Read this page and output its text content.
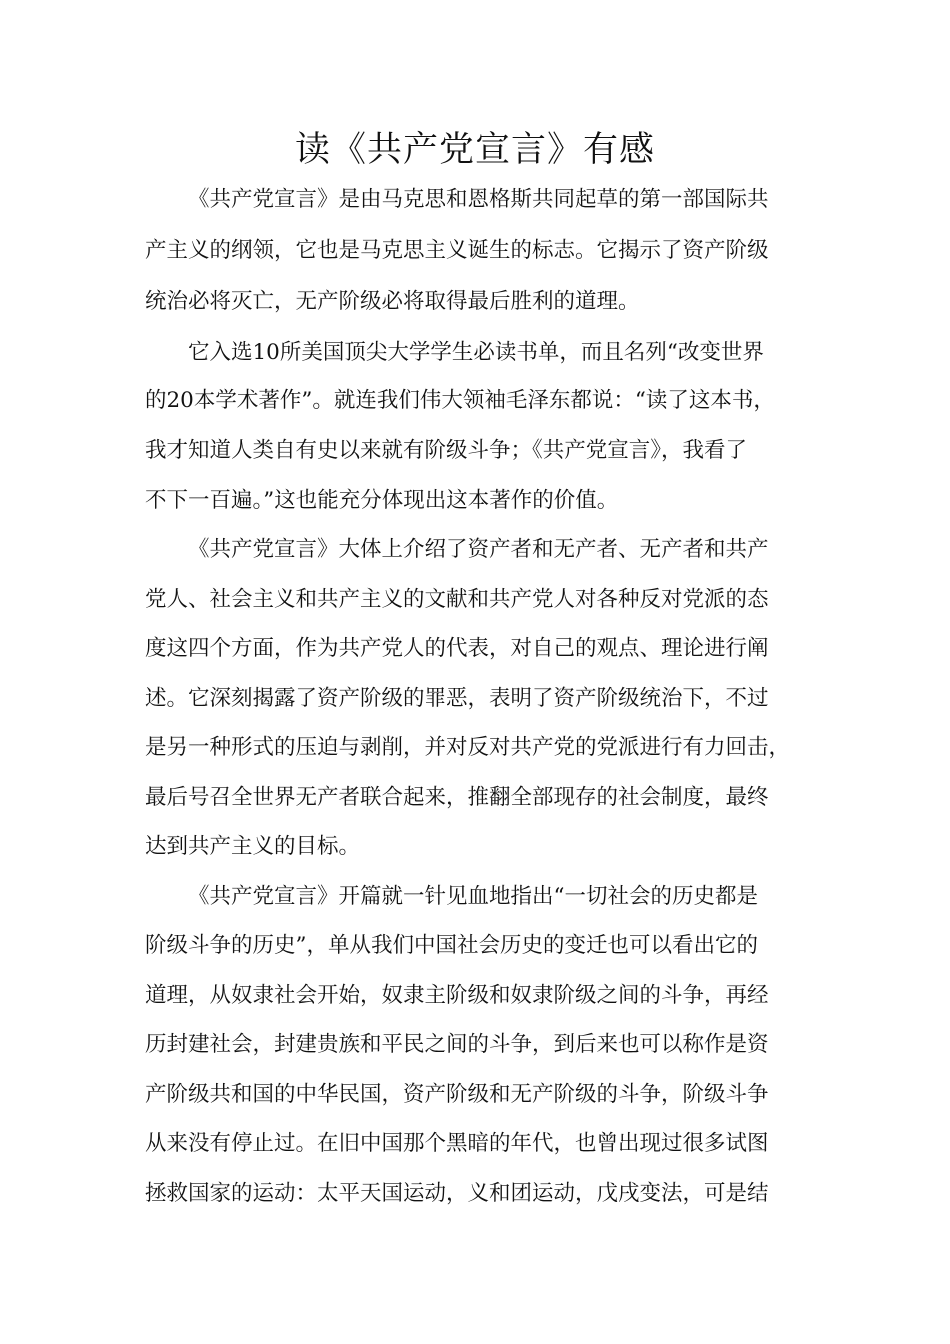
读《共产党宣言》有感
《共产党宣言》是由马克思和恩格斯共同起草的第一部国际共
产主义的纲领，它也是马克思主义诞生的标志。它揭示了资产阶级
统治必将灭亡，无产阶级必将取得最后胜利的道理。
它入选10所美国顶尖大学学生必读书单，而且名列“改变世界
的20本学术著作”。就连我们伟大领袖毛泽东都说：“读了这本书，
我才知道人类自有史以来就有阶级斗争；《共产党宣言》，我看了
不下一百遍。”这也能充分体现出这本著作的价值。
《共产党宣言》大体上介绍了资产者和无产者、无产者和共产
党人、社会主义和共产主义的文献和共产党人对各种反对党派的态
度这四个方面，作为共产党人的代表，对自己的观点、理论进行阐
述。它深刻揭露了资产阶级的罪恶，表明了资产阶级统治下，不过
是另一种形式的压迫与剥削，并对反对共产党的党派进行有力回击，
最后号召全世界无产者联合起来，推翻全部现存的社会制度，最终
达到共产主义的目标。
《共产党宣言》开篇就一针见血地指出“一切社会的历史都是
阶级斗争的历史”，单从我们中国社会历史的变迁也可以看出它的
道理，从奴隶社会开始，奴隶主阶级和奴隶阶级之间的斗争，再经
历封建社会，封建贵族和平民之间的斗争，到后来也可以称作是资
产阶级共和国的中华民国，资产阶级和无产阶级的斗争，阶级斗争
从来没有停止过。在旧中国那个黑暗的年代，也曾出现过很多试图
拯救国家的运动：太平天国运动，义和团运动，戊戌变法，可是结
